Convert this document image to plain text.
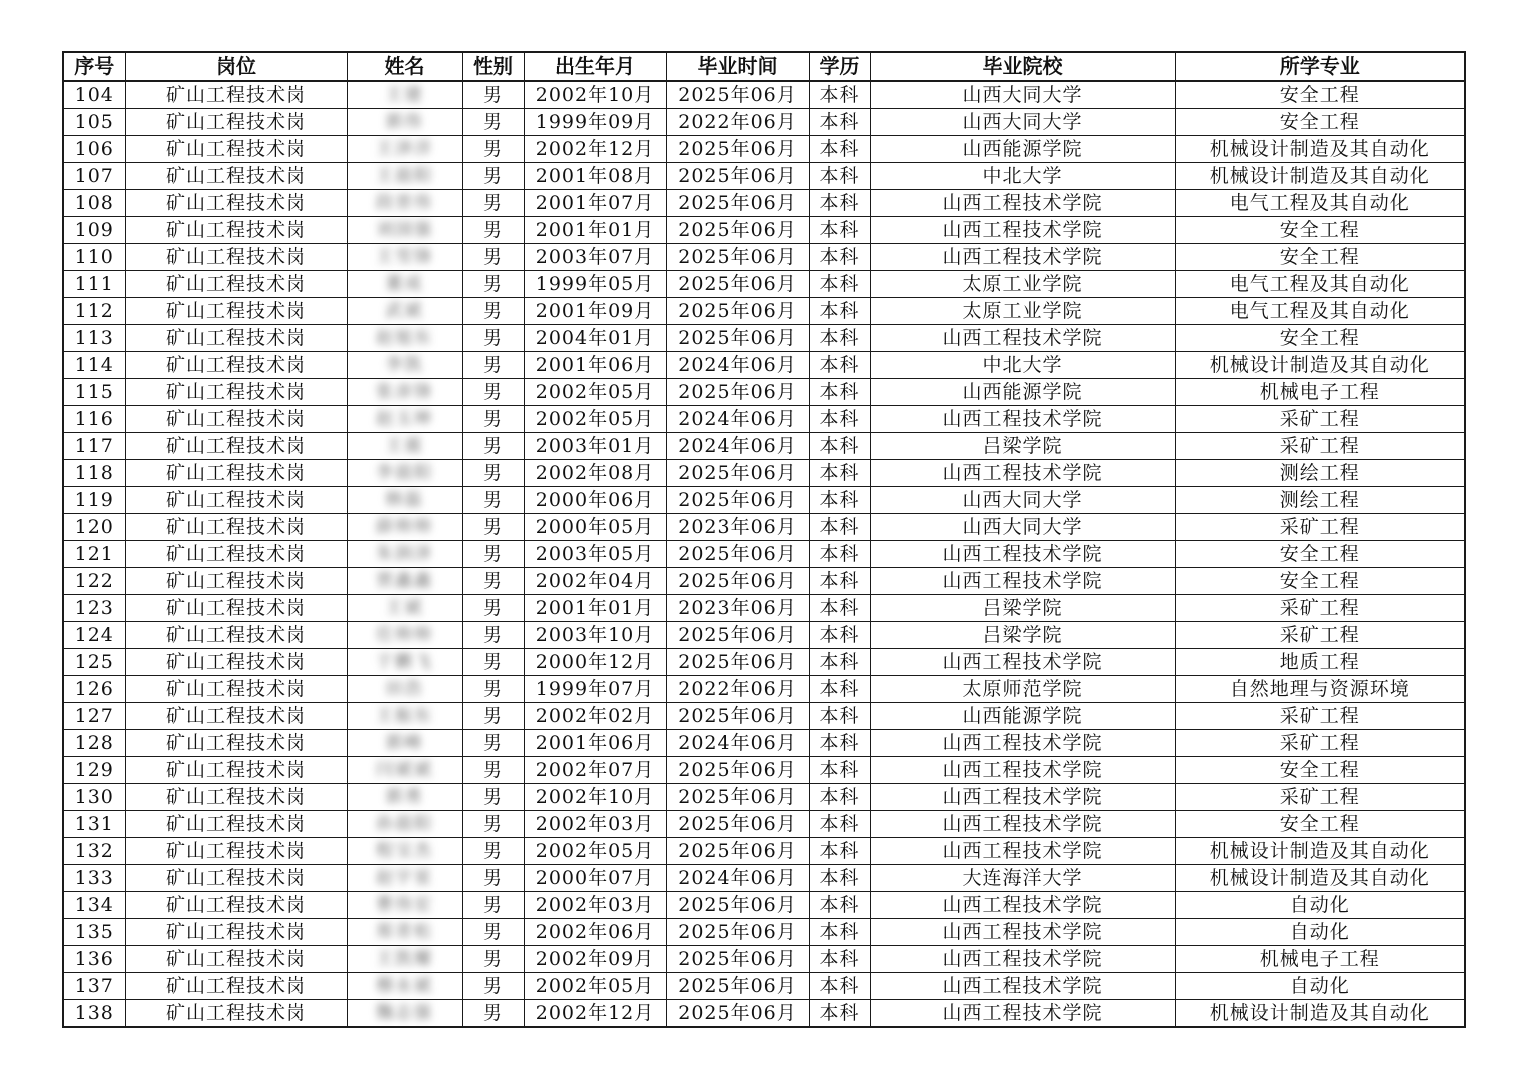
序号	岗位	姓名	性别	出生年月	毕业时间	学历	毕业院校	所学专业
104	矿山工程技术岗	王建	男	2002年10月	2025年06月	本科	山西大同大学	安全工程
105	矿山工程技术岗	郭伟	男	1999年09月	2022年06月	本科	山西大同大学	安全工程
106	矿山工程技术岗	王泽洋	男	2002年12月	2025年06月	本科	山西能源学院	机械设计制造及其自动化
107	矿山工程技术岗	王晨阳	男	2001年08月	2025年06月	本科	中北大学	机械设计制造及其自动化
108	矿山工程技术岗	段晋伟	男	2001年07月	2025年06月	本科	山西工程技术学院	电气工程及其自动化
109	矿山工程技术岗	刘国强	男	2001年01月	2025年06月	本科	山西工程技术学院	安全工程
110	矿山工程技术岗	王雪锋	男	2003年07月	2025年06月	本科	山西工程技术学院	安全工程
111	矿山工程技术岗	董成	男	1999年05月	2025年06月	本科	太原工业学院	电气工程及其自动化
112	矿山工程技术岗	武斌	男	2001年09月	2025年06月	本科	太原工业学院	电气工程及其自动化
113	矿山工程技术岗	赵旭东	男	2004年01月	2025年06月	本科	山西工程技术学院	安全工程
114	矿山工程技术岗	李凯	男	2001年06月	2024年06月	本科	中北大学	机械设计制造及其自动化
115	矿山工程技术岗	张彦锋	男	2002年05月	2025年06月	本科	山西能源学院	机械电子工程
116	矿山工程技术岗	赵玉坤	男	2002年05月	2024年06月	本科	山西工程技术学院	采矿工程
117	矿山工程技术岗	王震	男	2003年01月	2024年06月	本科	吕梁学院	采矿工程
118	矿山工程技术岗	李晨阳	男	2002年08月	2025年06月	本科	山西工程技术学院	测绘工程
119	矿山工程技术岗	韩磊	男	2000年06月	2025年06月	本科	山西大同大学	测绘工程
120	矿山工程技术岗	薛帅帅	男	2000年05月	2023年06月	本科	山西大同大学	采矿工程
121	矿山工程技术岗	朱润泽	男	2003年05月	2025年06月	本科	山西工程技术学院	安全工程
122	矿山工程技术岗	贾鑫鑫	男	2002年04月	2025年06月	本科	山西工程技术学院	安全工程
123	矿山工程技术岗	王斌	男	2001年01月	2023年06月	本科	吕梁学院	采矿工程
124	矿山工程技术岗	任帅帅	男	2003年10月	2025年06月	本科	吕梁学院	采矿工程
125	矿山工程技术岗	于鹏飞	男	2000年12月	2025年06月	本科	山西工程技术学院	地质工程
126	矿山工程技术岗	田浩	男	1999年07月	2022年06月	本科	太原师范学院	自然地理与资源环境
127	矿山工程技术岗	王振东	男	2002年02月	2025年06月	本科	山西能源学院	采矿工程
128	矿山工程技术岗	郭峰	男	2001年06月	2024年06月	本科	山西工程技术学院	采矿工程
129	矿山工程技术岗	闫斌斌	男	2002年07月	2025年06月	本科	山西工程技术学院	安全工程
130	矿山工程技术岗	郭勇	男	2002年10月	2025年06月	本科	山西工程技术学院	采矿工程
131	矿山工程技术岗	孙晨阳	男	2002年03月	2025年06月	本科	山西工程技术学院	安全工程
132	矿山工程技术岗	程宝杰	男	2002年05月	2025年06月	本科	山西工程技术学院	机械设计制造及其自动化
133	矿山工程技术岗	赵宇星	男	2000年07月	2024年06月	本科	大连海洋大学	机械设计制造及其自动化
134	矿山工程技术岗	曹伟宏	男	2002年03月	2025年06月	本科	山西工程技术学院	自动化
135	矿山工程技术岗	郑青松	男	2002年06月	2025年06月	本科	山西工程技术学院	自动化
136	矿山工程技术岗	王凯耀	男	2002年09月	2025年06月	本科	山西工程技术学院	机械电子工程
137	矿山工程技术岗	穆永斌	男	2002年05月	2025年06月	本科	山西工程技术学院	自动化
138	矿山工程技术岗	魏志强	男	2002年12月	2025年06月	本科	山西工程技术学院	机械设计制造及其自动化
